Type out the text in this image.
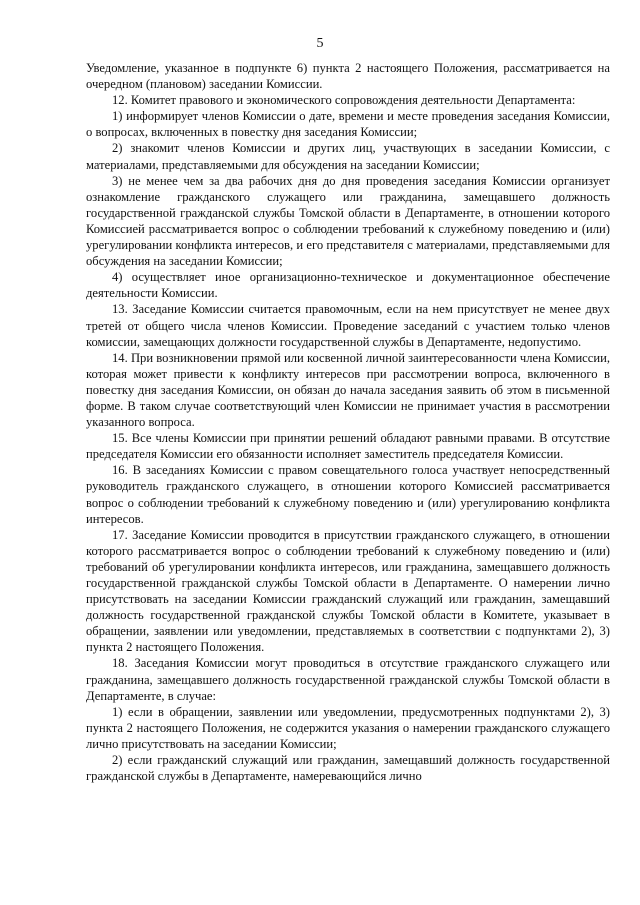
5

Уведомление, указанное в подпункте 6) пункта 2 настоящего Положения, рассматривается на очередном (плановом) заседании Комиссии.

12. Комитет правового и экономического сопровождения деятельности Департамента:

1) информирует членов Комиссии о дате, времени и месте проведения заседания Комиссии, о вопросах, включенных в повестку дня заседания Комиссии;

2) знакомит членов Комиссии и других лиц, участвующих в заседании Комиссии, с материалами, представляемыми для обсуждения на заседании Комиссии;

3) не менее чем за два рабочих дня до дня проведения заседания Комиссии организует ознакомление гражданского служащего или гражданина, замещавшего должность государственной гражданской службы Томской области в Департаменте, в отношении которого Комиссией рассматривается вопрос о соблюдении требований к служебному поведению и (или) урегулировании конфликта интересов, и его представителя с материалами, представляемыми для обсуждения на заседании Комиссии;

4) осуществляет иное организационно-техническое и документационное обеспечение деятельности Комиссии.

13. Заседание Комиссии считается правомочным, если на нем присутствует не менее двух третей от общего числа членов Комиссии. Проведение заседаний с участием только членов комиссии, замещающих должности государственной службы в Департаменте, недопустимо.

14. При возникновении прямой или косвенной личной заинтересованности члена Комиссии, которая может привести к конфликту интересов при рассмотрении вопроса, включенного в повестку дня заседания Комиссии, он обязан до начала заседания заявить об этом в письменной форме. В таком случае соответствующий член Комиссии не принимает участия в рассмотрении указанного вопроса.

15. Все члены Комиссии при принятии решений обладают равными правами. В отсутствие председателя Комиссии его обязанности исполняет заместитель председателя Комиссии.

16. В заседаниях Комиссии с правом совещательного голоса участвует непосредственный руководитель гражданского служащего, в отношении которого Комиссией рассматривается вопрос о соблюдении требований к служебному поведению и (или) урегулированию конфликта интересов.

17. Заседание Комиссии проводится в присутствии гражданского служащего, в отношении которого рассматривается вопрос о соблюдении требований к служебному поведению и (или) требований об урегулировании конфликта интересов, или гражданина, замещавшего должность государственной гражданской службы Томской области в Департаменте. О намерении лично присутствовать на заседании Комиссии гражданский служащий или гражданин, замещавший должность государственной гражданской службы Томской области в Комитете, указывает в обращении, заявлении или уведомлении, представляемых в соответствии с подпунктами 2), 3) пункта 2 настоящего Положения.

18. Заседания Комиссии могут проводиться в отсутствие гражданского служащего или гражданина, замещавшего должность государственной гражданской службы Томской области в Департаменте, в случае:

1) если в обращении, заявлении или уведомлении, предусмотренных подпунктами 2), 3) пункта 2 настоящего Положения, не содержится указания о намерении гражданского служащего лично присутствовать на заседании Комиссии;

2) если гражданский служащий или гражданин, замещавший должность государственной гражданской службы в Департаменте, намеревающийся лично
